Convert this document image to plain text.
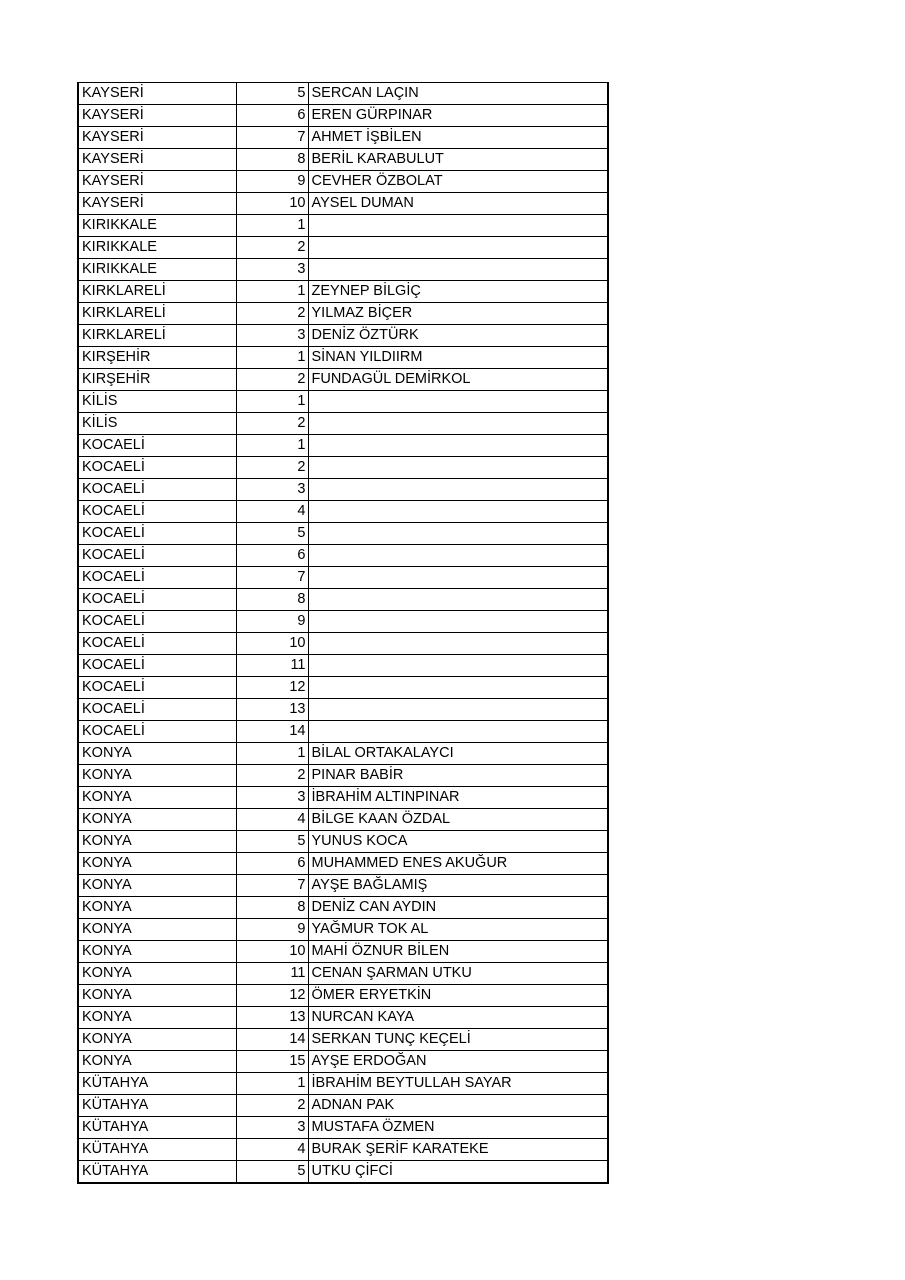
KAYSERİ	5	SERCAN LAÇIN
KAYSERİ	6	EREN GÜRPINAR
KAYSERİ	7	AHMET İŞBİLEN
KAYSERİ	8	BERİL KARABULUT
KAYSERİ	9	CEVHER ÖZBOLAT
KAYSERİ	10	AYSEL DUMAN
KIRIKKALE	1	
KIRIKKALE	2	
KIRIKKALE	3	
KIRKLARELİ	1	ZEYNEP BİLGİÇ
KIRKLARELİ	2	YILMAZ BİÇER
KIRKLARELİ	3	DENİZ ÖZTÜRK
KIRŞEHİR	1	SİNAN YILDIIRM
KIRŞEHİR	2	FUNDAGÜL DEMİRKOL
KİLİS	1	
KİLİS	2	
KOCAELİ	1	
KOCAELİ	2	
KOCAELİ	3	
KOCAELİ	4	
KOCAELİ	5	
KOCAELİ	6	
KOCAELİ	7	
KOCAELİ	8	
KOCAELİ	9	
KOCAELİ	10	
KOCAELİ	11	
KOCAELİ	12	
KOCAELİ	13	
KOCAELİ	14	
KONYA	1	BİLAL ORTAKALAYCI
KONYA	2	PINAR BABİR
KONYA	3	İBRAHİM ALTINPINAR
KONYA	4	BİLGE KAAN ÖZDAL
KONYA	5	YUNUS KOCA
KONYA	6	MUHAMMED ENES AKUĞUR
KONYA	7	AYŞE BAĞLAMIŞ
KONYA	8	DENİZ CAN AYDIN
KONYA	9	YAĞMUR TOK AL
KONYA	10	MAHİ ÖZNUR BİLEN
KONYA	11	CENAN ŞARMAN UTKU
KONYA	12	ÖMER ERYETKİN
KONYA	13	NURCAN KAYA
KONYA	14	SERKAN TUNÇ KEÇELİ
KONYA	15	AYŞE ERDOĞAN
KÜTAHYA	1	İBRAHİM BEYTULLAH SAYAR
KÜTAHYA	2	ADNAN PAK
KÜTAHYA	3	MUSTAFA ÖZMEN
KÜTAHYA	4	BURAK ŞERİF KARATEKE
KÜTAHYA	5	UTKU ÇİFCİ
